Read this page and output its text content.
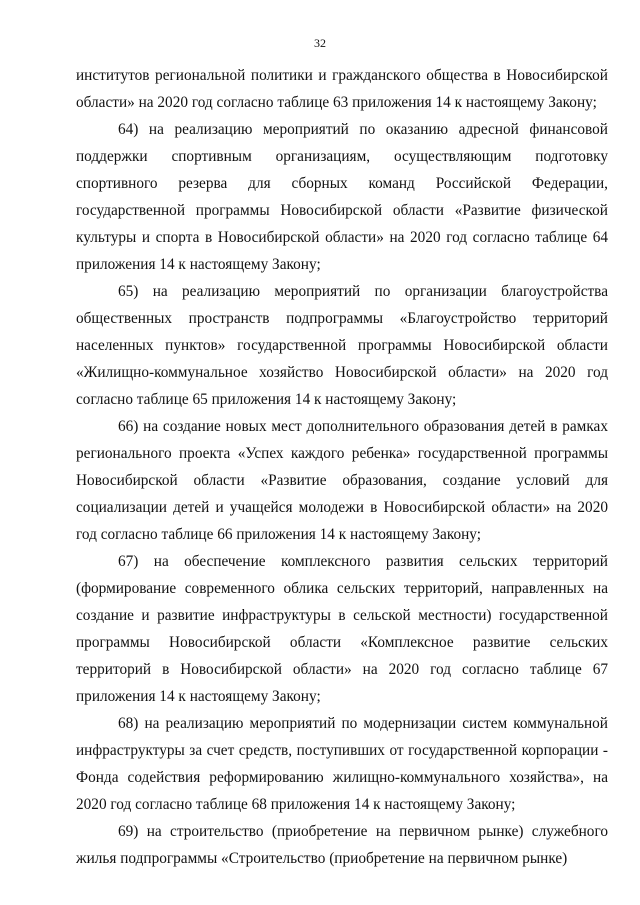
32

институтов региональной политики и гражданского общества в Новосибирской области» на 2020 год согласно таблице 63 приложения 14 к настоящему Закону;

64) на реализацию мероприятий по оказанию адресной финансовой поддержки спортивным организациям, осуществляющим подготовку спортивного резерва для сборных команд Российской Федерации, государственной программы Новосибирской области «Развитие физической культуры и спорта в Новосибирской области» на 2020 год согласно таблице 64 приложения 14 к настоящему Закону;

65) на реализацию мероприятий по организации благоустройства общественных пространств подпрограммы «Благоустройство территорий населенных пунктов» государственной программы Новосибирской области «Жилищно-коммунальное хозяйство Новосибирской области» на 2020 год согласно таблице 65 приложения 14 к настоящему Закону;

66) на создание новых мест дополнительного образования детей в рамках регионального проекта «Успех каждого ребенка» государственной программы Новосибирской области «Развитие образования, создание условий для социализации детей и учащейся молодежи в Новосибирской области» на 2020 год согласно таблице 66 приложения 14 к настоящему Закону;

67) на обеспечение комплексного развития сельских территорий (формирование современного облика сельских территорий, направленных на создание и развитие инфраструктуры в сельской местности) государственной программы Новосибирской области «Комплексное развитие сельских территорий в Новосибирской области» на 2020 год согласно таблице 67 приложения 14 к настоящему Закону;

68) на реализацию мероприятий по модернизации систем коммунальной инфраструктуры за счет средств, поступивших от государственной корпорации - Фонда содействия реформированию жилищно-коммунального хозяйства», на 2020 год согласно таблице 68 приложения 14 к настоящему Закону;

69) на строительство (приобретение на первичном рынке) служебного жилья подпрограммы «Строительство (приобретение на первичном рынке)
